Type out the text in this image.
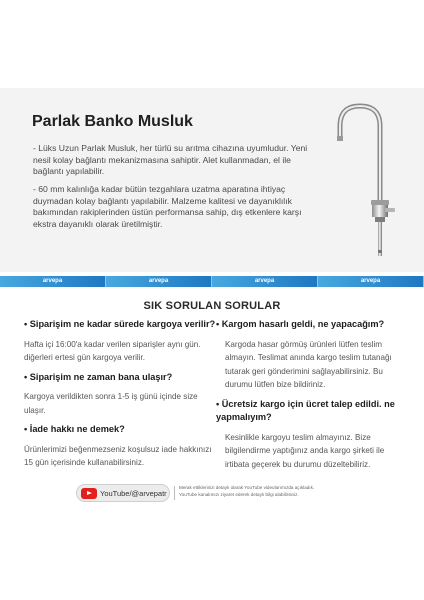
Parlak Banko Musluk
- Lüks Uzun Parlak Musluk, her türlü su arıtma cihazına uyumludur. Yeni nesil kolay bağlantı mekanizmasına sahiptir. Alet kullanmadan, el ile bağlantı yapılabilir.
- 60 mm kalınlığa kadar bütün tezgahlara uzatma aparatına ihtiyaç duymadan kolay bağlantı yapılabilir. Malzeme kalitesi ve dayanıklılık bakımından rakiplerinden üstün performansa sahip, dış etkenlere karşı ekstra dayanıklı olarak üretilmiştir.
arvepa	arvepa	arvepa	arvepa
SIK SORULAN SORULAR

• Siparişim ne kadar sürede kargoya verilir?

Hafta içi 16:00'a kadar verilen siparişler aynı gün. diğerleri ertesi gün kargoya verilir.

• Siparişim ne zaman bana ulaşır?

Kargoya verildikten sonra 1-5 iş günü içinde size ulaşır.

• İade hakkı ne demek?

Ürünlerimizi beğenmezseniz koşulsuz iade hakkınızı 15 gün içerisinde kullanabilirsiniz.

• Kargom hasarlı geldi, ne yapacağım?

Kargoda hasar görmüş ürünleri lütfen teslim almayın. Teslimat anında kargo teslim tutanağı tutarak geri gönderimini sağlayabilirsiniz. Bu durumu lütfen bize bildiriniz.

• Ücretsiz kargo için ücret talep edildi. ne yapmalıyım?

Kesinlikle kargoyu teslim almayınız. Bize bilgilendirme yaptığınız anda kargo şirketi ile irtibata geçerek bu durumu düzeltebiliriz.

YouTube/@arvepatr
Merak ettiklerinizi detaylı olarak YouTube videolarımızda açıkladık.
YouTube kanalımızı ziyaret ederek detaylı bilgi alabilirsiniz.
